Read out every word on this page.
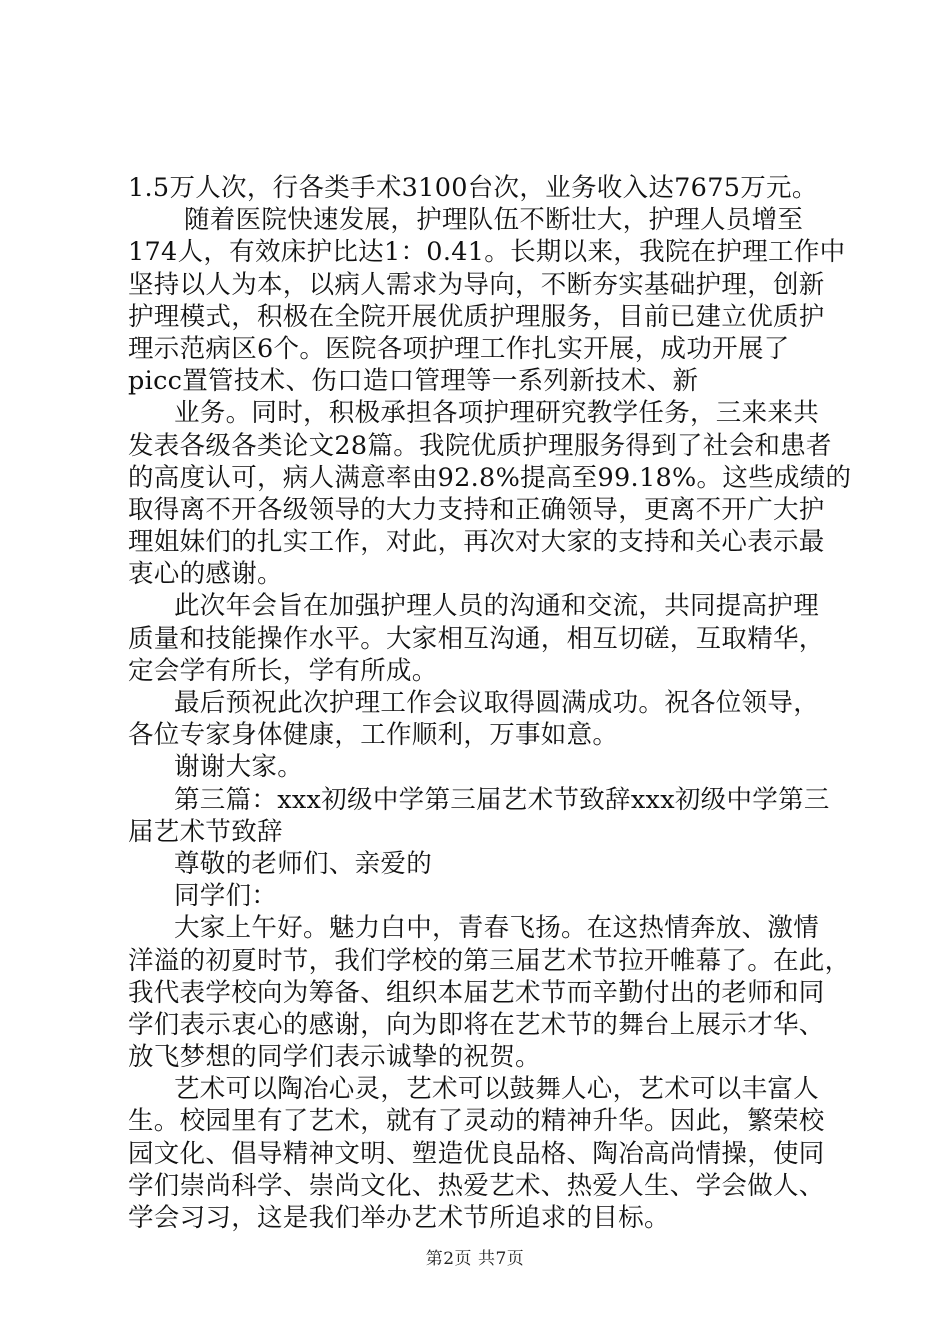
1.5万人次，行各类手术3100台次，业务收入达7675万元。
随着医院快速发展，护理队伍不断壮大，护理人员增至
174人，有效床护比达1：0.41。长期以来，我院在护理工作中
坚持以人为本，以病人需求为导向，不断夯实基础护理，创新
护理模式，积极在全院开展优质护理服务，目前已建立优质护
理示范病区6个。医院各项护理工作扎实开展，成功开展了
picc置管技术、伤口造口管理等一系列新技术、新
业务。同时，积极承担各项护理研究教学任务，三来来共
发表各级各类论文28篇。我院优质护理服务得到了社会和患者
的高度认可，病人满意率由92.8%提高至99.18%。这些成绩的
取得离不开各级领导的大力支持和正确领导，更离不开广大护
理姐妹们的扎实工作，对此，再次对大家的支持和关心表示最
衷心的感谢。
此次年会旨在加强护理人员的沟通和交流，共同提高护理
质量和技能操作水平。大家相互沟通，相互切磋，互取精华，
定会学有所长，学有所成。
最后预祝此次护理工作会议取得圆满成功。祝各位领导，
各位专家身体健康，工作顺利，万事如意。
谢谢大家。
第三篇：xxx初级中学第三届艺术节致辞xxx初级中学第三
届艺术节致辞
尊敬的老师们、亲爱的
同学们：
大家上午好。魅力白中，青春飞扬。在这热情奔放、激情
洋溢的初夏时节，我们学校的第三届艺术节拉开帷幕了。在此，
我代表学校向为筹备、组织本届艺术节而辛勤付出的老师和同
学们表示衷心的感谢，向为即将在艺术节的舞台上展示才华、
放飞梦想的同学们表示诚挚的祝贺。
艺术可以陶冶心灵，艺术可以鼓舞人心，艺术可以丰富人
生。校园里有了艺术，就有了灵动的精神升华。因此，繁荣校
园文化、倡导精神文明、塑造优良品格、陶冶高尚情操，使同
学们崇尚科学、崇尚文化、热爱艺术、热爱人生、学会做人、
学会习习，这是我们举办艺术节所追求的目标。
第2页 共7页
